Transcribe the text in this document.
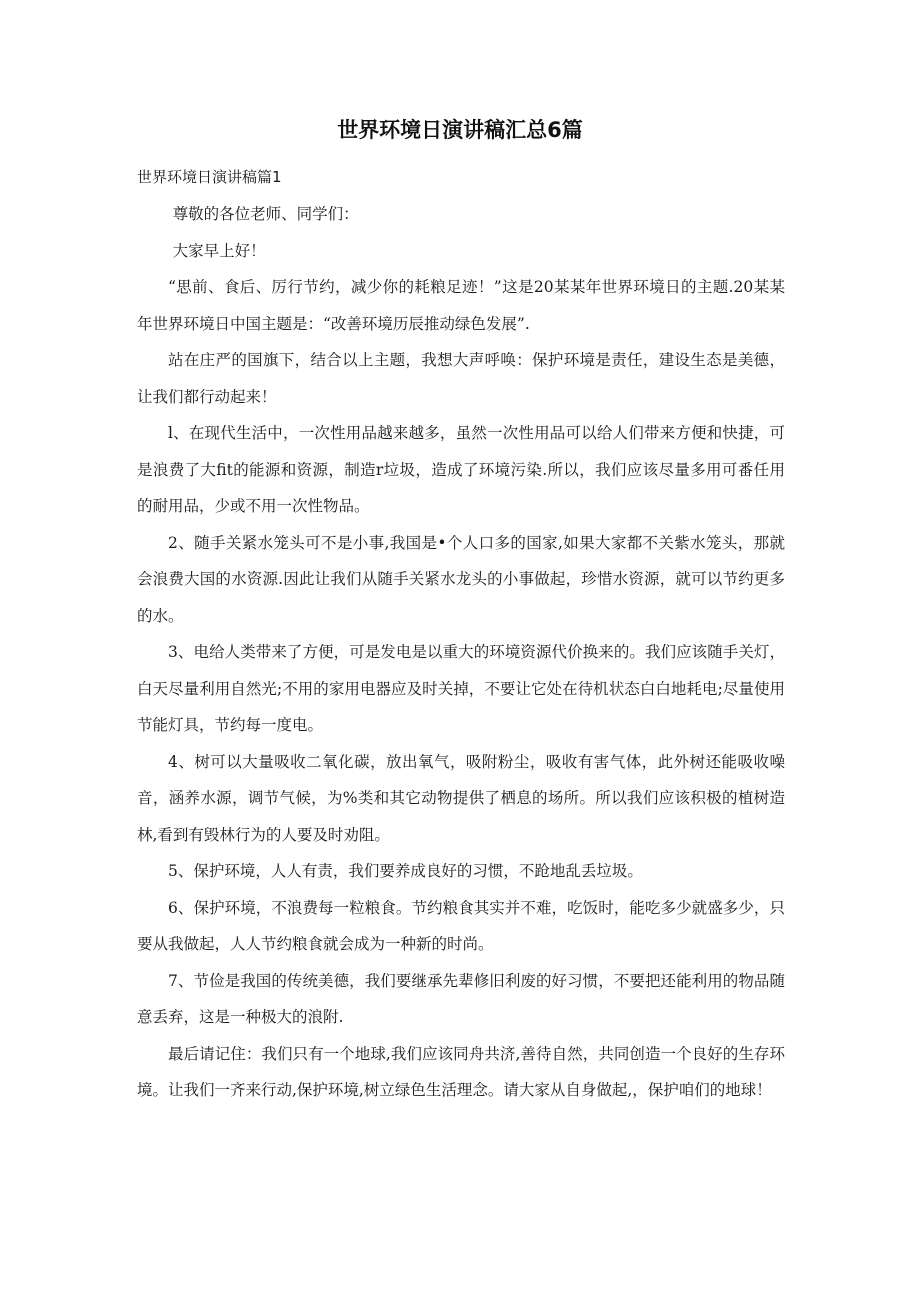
世界环境日演讲稿汇总6篇
世界环境日演讲稿篇1

尊敬的各位老师、同学们：

大家早上好！

“思前、食后、厉行节约，减少你的耗粮足迹！”这是20某某年世界环境日的主题.20某某年世界环境日中国主题是：“改善环境历辰推动绿色发展”.

站在庄严的国旗下，结合以上主题，我想大声呼唤：保护环境是责任，建设生态是美德，让我们都行动起来！

l、在现代生活中，一次性用品越来越多，虽然一次性用品可以给人们带来方便和快捷，可是浪费了大fit的能源和资源，制造r垃圾，造成了环境污染.所以，我们应该尽量多用可番任用的耐用品，少或不用一次性物品。

2、随手关紧水笼头可不是小事,我国是•个人口多的国家,如果大家都不关紫水笼头，那就会浪费大国的水资源.因此让我们从随手关紧水龙头的小事做起，珍惜水资源，就可以节约更多的水。

3、电给人类带来了方便，可是发电是以重大的环境资源代价换来的。我们应该随手关灯，白天尽量利用自然光;不用的家用电器应及时关掉，不要让它处在待机状态白白地耗电;尽量使用节能灯具，节约每一度电。

4、树可以大量吸收二氧化碳，放出氧气，吸附粉尘，吸收有害气体，此外树还能吸收噪音，涵养水源，调节气候，为%类和其它动物提供了栖息的场所。所以我们应该积极的植树造林,看到有毁林行为的人要及时劝阻。

5、保护环境，人人有责，我们要养成良好的习惯，不跄地乱丢垃圾。

6、保护环境，不浪费每一粒粮食。节约粮食其实并不难，吃饭时，能吃多少就盛多少，只要从我做起，人人节约粮食就会成为一种新的时尚。

7、节俭是我国的传统美德，我们要继承先辈修旧利废的好习惯，不要把还能利用的物品随意丢弃，这是一种极大的浪附.

最后请记住：我们只有一个地球,我们应该同舟共济,善待自然，共同创造一个良好的生存环境。让我们一齐来行动,保护环境,树立绿色生活理念。请大家从自身做起,，保护咱们的地球！
